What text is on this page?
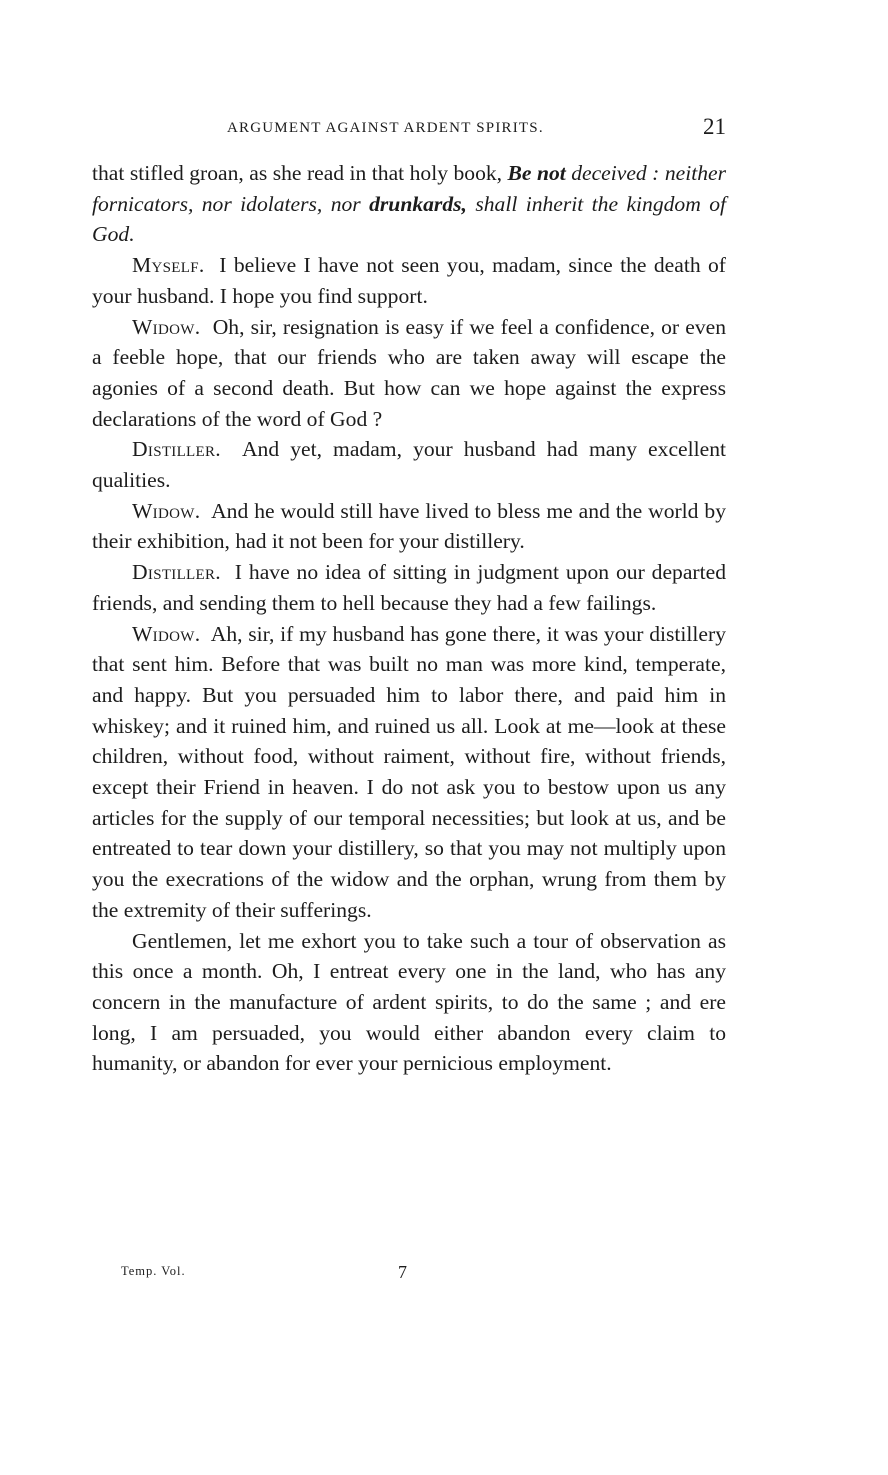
ARGUMENT AGAINST ARDENT SPIRITS.	21

that stifled groan, as she read in that holy book, Be not deceived : neither fornicators, nor idolaters, nor drunkards, shall inherit the kingdom of God.

Myself. I believe I have not seen you, madam, since the death of your husband. I hope you find support.

Widow. Oh, sir, resignation is easy if we feel a confidence, or even a feeble hope, that our friends who are taken away will escape the agonies of a second death. But how can we hope against the express declarations of the word of God ?

Distiller. And yet, madam, your husband had many excellent qualities.

Widow. And he would still have lived to bless me and the world by their exhibition, had it not been for your distillery.

Distiller. I have no idea of sitting in judgment upon our departed friends, and sending them to hell because they had a few failings.

Widow. Ah, sir, if my husband has gone there, it was your distillery that sent him. Before that was built no man was more kind, temperate, and happy. But you persuaded him to labor there, and paid him in whiskey; and it ruined him, and ruined us all. Look at me—look at these children, without food, without raiment, without fire, without friends, except their Friend in heaven. I do not ask you to bestow upon us any articles for the supply of our temporal necessities; but look at us, and be entreated to tear down your distillery, so that you may not multiply upon you the execrations of the widow and the orphan, wrung from them by the extremity of their sufferings.

Gentlemen, let me exhort you to take such a tour of observation as this once a month. Oh, I entreat every one in the land, who has any concern in the manufacture of ardent spirits, to do the same ; and ere long, I am persuaded, you would either abandon every claim to humanity, or abandon for ever your pernicious employment.

Temp. Vol.	7
